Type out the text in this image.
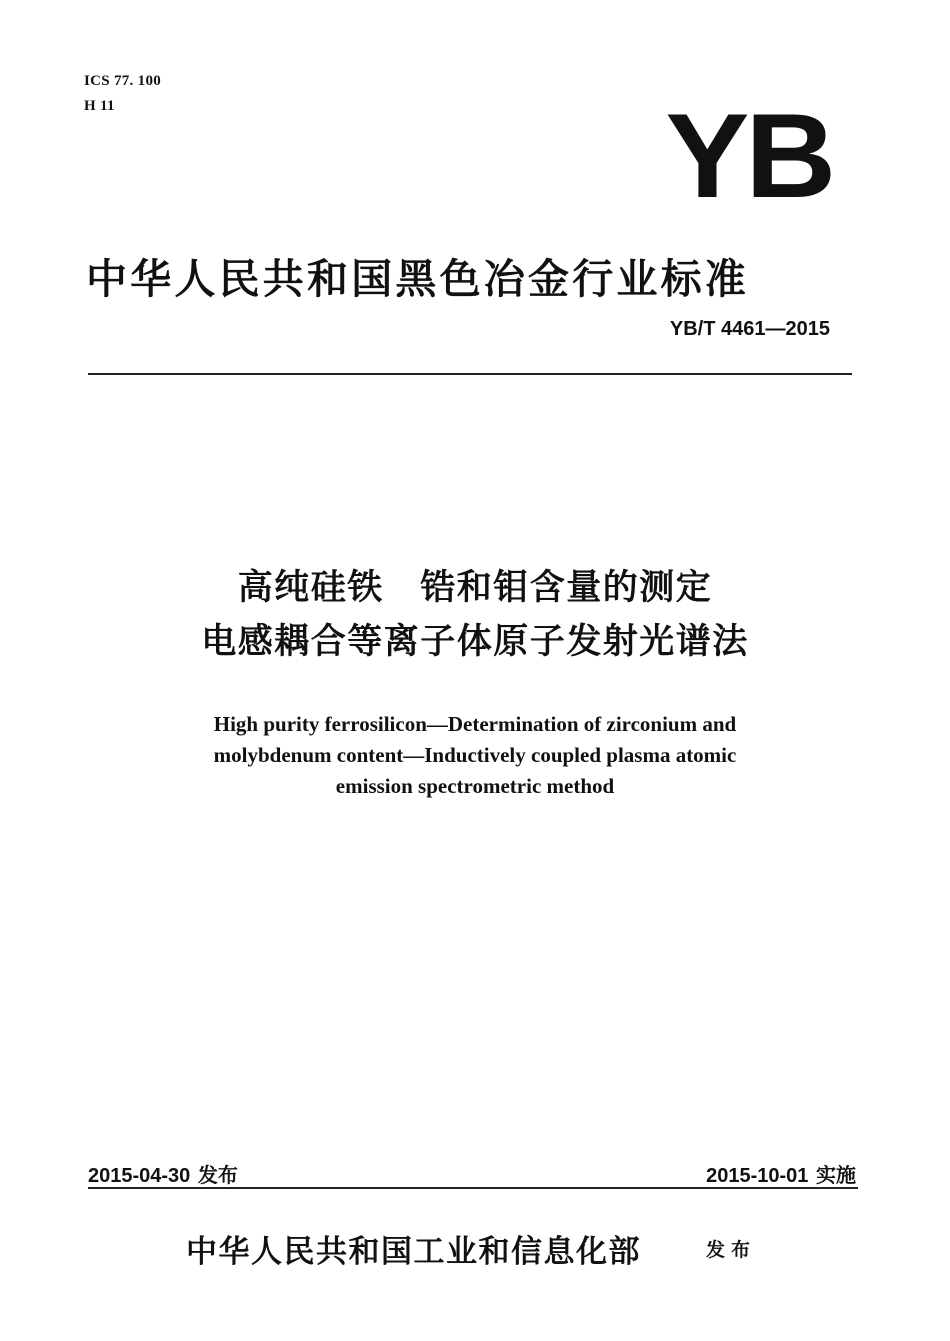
ICS 77. 100
H 11	YB
中华人民共和国黑色冶金行业标准
YB/T 4461—2015
高纯硅铁　锆和钼含量的测定
电感耦合等离子体原子发射光谱法
High purity ferrosilicon—Determination of zirconium and
molybdenum content—Inductively coupled plasma atomic
emission spectrometric method
2015-04-30 发布	2015-10-01 实施
中华人民共和国工业和信息化部	发布
